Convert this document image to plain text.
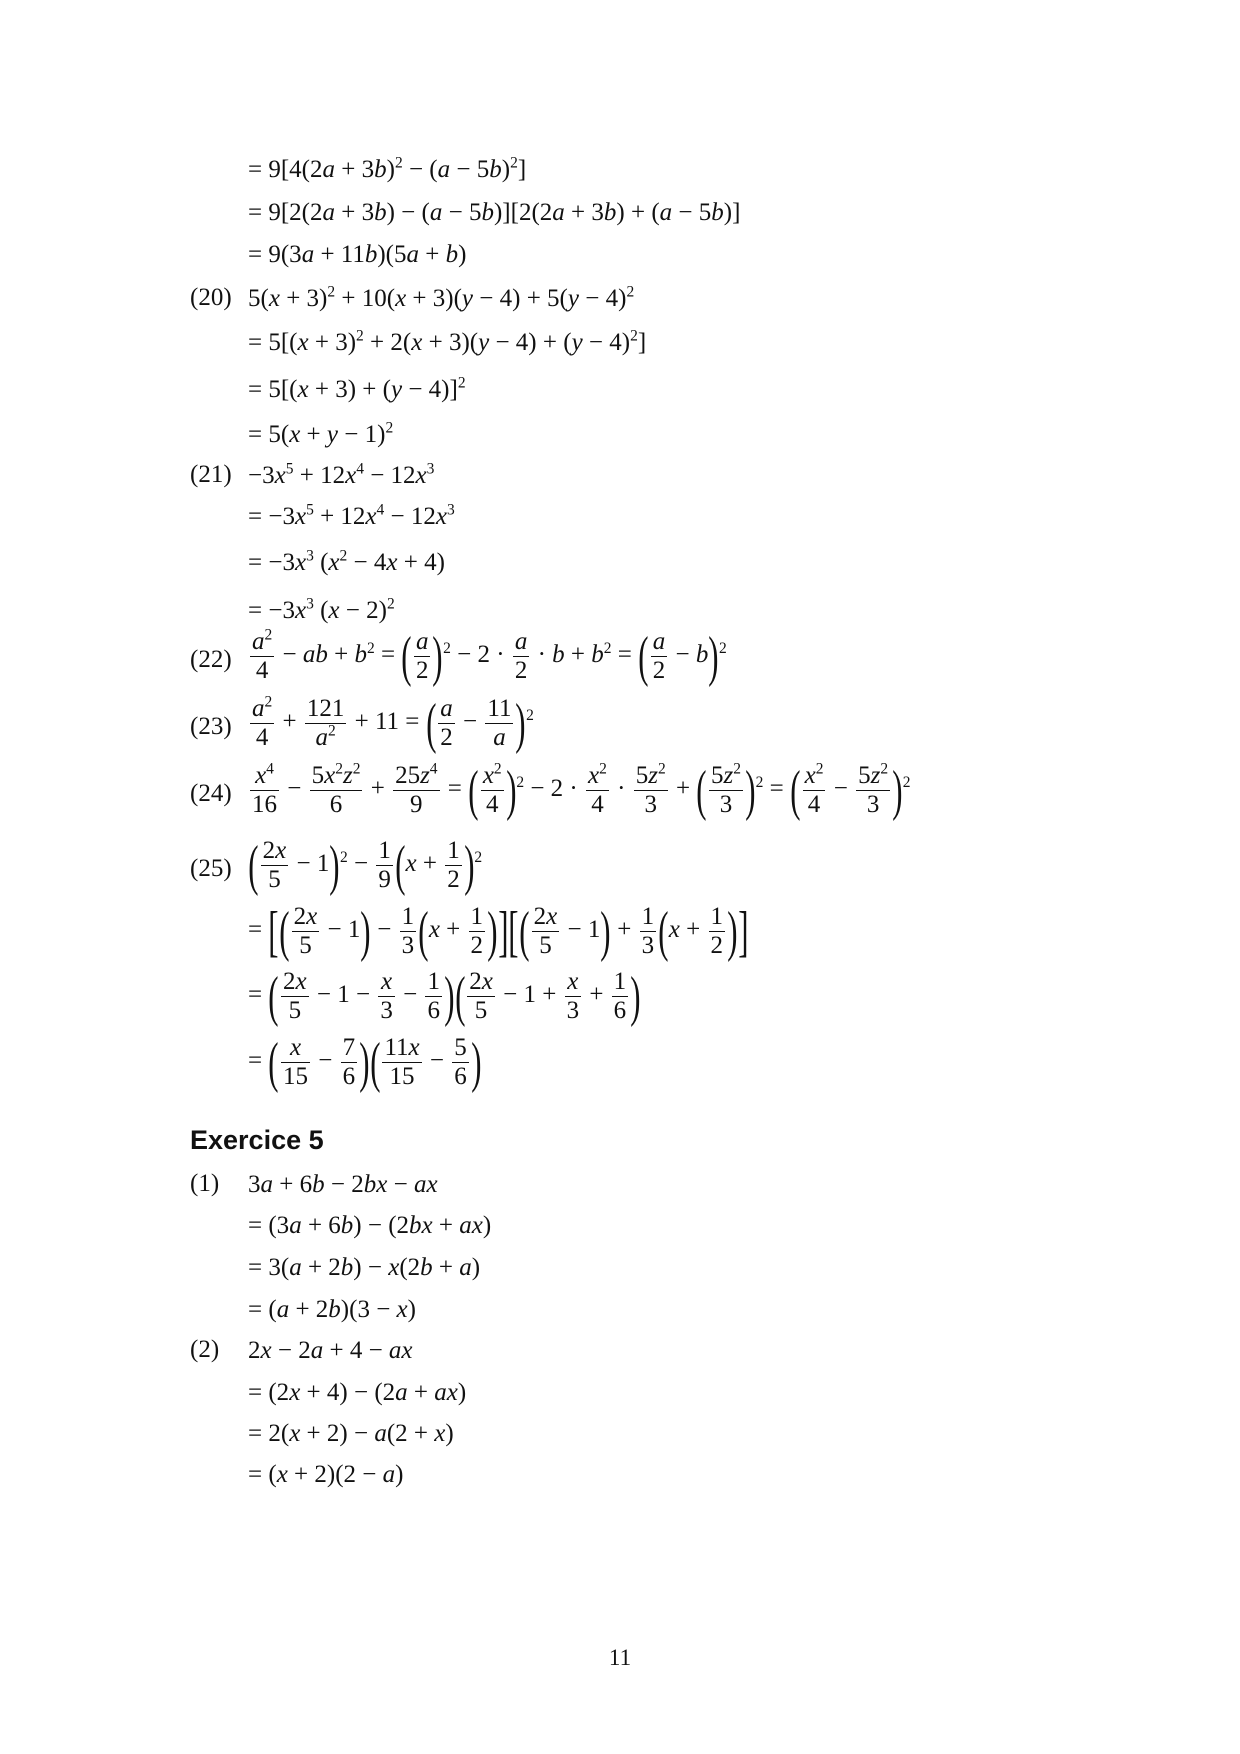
= $9[4(2a + 3b)^2 - (a - 5b)^2]$
= 9[2(2a + 3b) − (a − 5b)][2(2a + 3b) + (a − 5b)]
= 9(3a + 11b)(5a + b)
(20) $5(x + 3)^2 + 10(x + 3)(y - 4) + 5(y - 4)^2$
= $5[(x + 3)^2 + 2(x + 3)(y - 4) + (y - 4)^2]$
= $5[(x + 3) + (y - 4)]^2$
= $5(x + y - 1)^2$
$(21) -3x^5 + 12x^4 - 12x^3$
= $-3x^5 + 12x^4 - 12x^3$
= $-3x^3$ $(x^2 - 4x + 4)$
= $-3x^3$ $(x - 2)^2$
$(22) \frac{a^2}{4}$ − ab + $b^2$ = ( $\frac{a}{2} )^2 - 2 \cdot \frac{a}{2} \cdot b + b^2$ = ( $\frac{a}{2} - b)^2$
$(23) \frac{a^2}{4} + \frac{121}{a^2} + 11$ = ( $\frac{a}{2} - \frac{11}{a} )^2$
$(24) \frac{x^4}{16} - \frac{5x^2z^2}{6} + \frac{25z^4}{9}$ = ( $\frac{x^2}{4} )^2 - 2 \cdot \frac{x^2}{4} \cdot \frac{5z^2}{3}$ + ( $\frac{5z^2}{3} )^2$ = ( $\frac{x^2}{4} - \frac{5z^2}{3} )^2$
(25) ( $\frac{2x}{5} - 1)^2 - \frac{1}{9} (x + \frac{1}{2} )^2$
= [( $\frac{2x}{5} - 1) - \frac{1}{3} (x + \frac{1}{2}$ )][( $\frac{2x}{5} - 1) + \frac{1}{3} (x + \frac{1}{2}$ )]
= ( $\frac{2x}{5} - 1 - \frac{x}{3} - \frac{1}{6}$ )( $\frac{2x}{5} - 1 + \frac{x}{3} + \frac{1}{6}$ )
= ( $\frac{x}{15} - \frac{7}{6}$ )( $\frac{11x}{15} - \frac{5}{6}$ )
Exercice 5
(1) 3a + 6b − 2bx − ax
= (3a + 6b) − (2bx + ax)
= 3(a + 2b) − x(2b + a)
= (a + 2b)(3 − x)
(2) 2x − 2a + 4 − ax
= (2x + 4) − (2a + ax)
= 2(x + 2) − a(2 + x)
= (x + 2)(2 − a)
11
